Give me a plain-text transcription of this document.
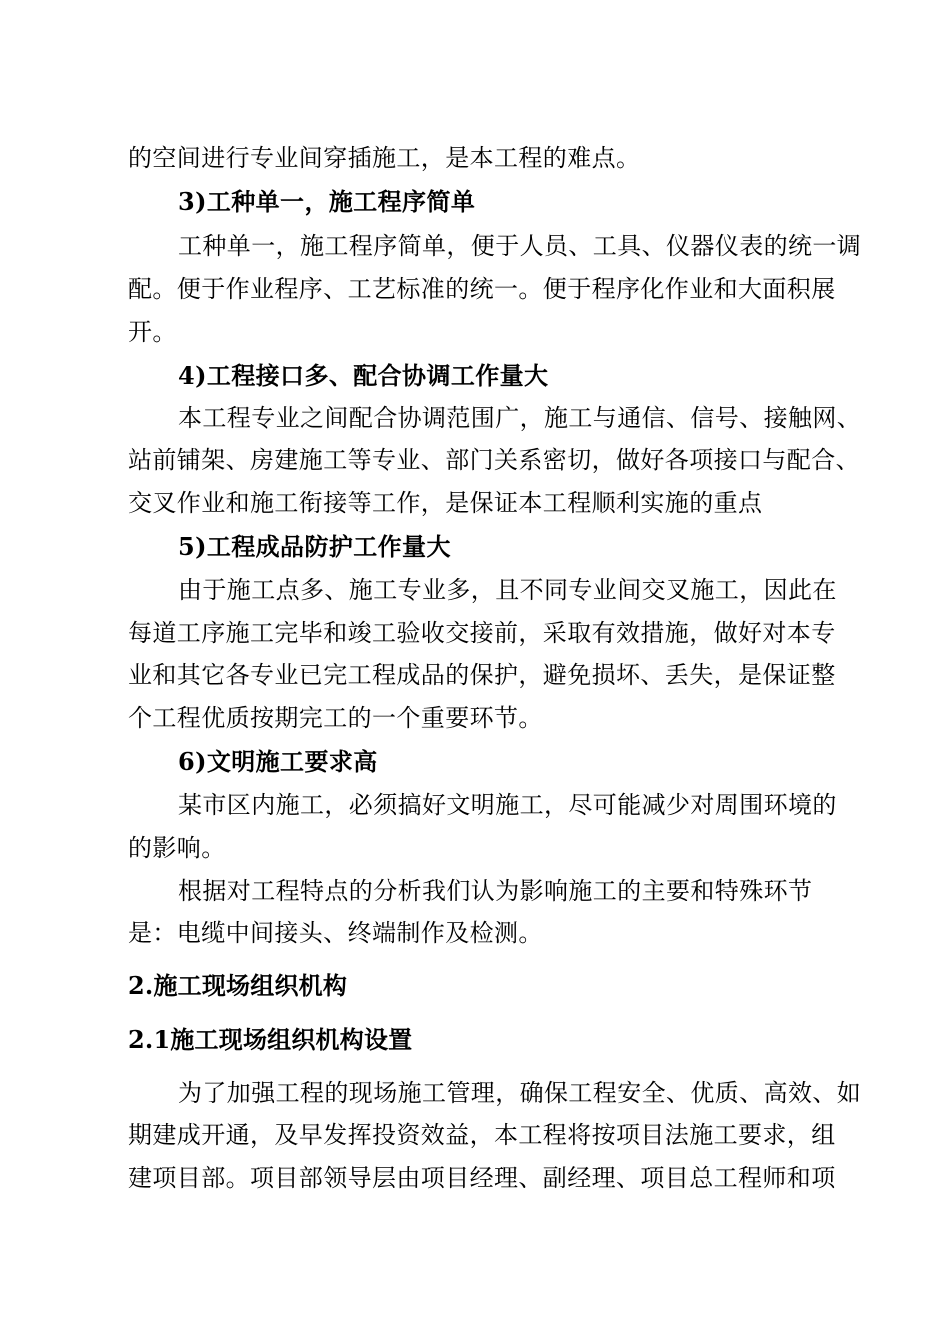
的空间进行专业间穿插施工，是本工程的难点。
3)工种单一，施工程序简单
工种单一，施工程序简单，便于人员、工具、仪器仪表的统一调
配。便于作业程序、工艺标准的统一。便于程序化作业和大面积展
开。
4)工程接口多、配合协调工作量大
本工程专业之间配合协调范围广，施工与通信、信号、接触网、
站前铺架、房建施工等专业、部门关系密切，做好各项接口与配合、
交叉作业和施工衔接等工作，是保证本工程顺利实施的重点
5)工程成品防护工作量大
由于施工点多、施工专业多，且不同专业间交叉施工，因此在
每道工序施工完毕和竣工验收交接前，采取有效措施，做好对本专
业和其它各专业已完工程成品的保护，避免损坏、丢失，是保证整
个工程优质按期完工的一个重要环节。
6)文明施工要求高
某市区内施工，必须搞好文明施工，尽可能减少对周围环境的
的影响。
根据对工程特点的分析我们认为影响施工的主要和特殊环节
是：电缆中间接头、终端制作及检测。
2.施工现场组织机构
2.1施工现场组织机构设置
为了加强工程的现场施工管理，确保工程安全、优质、高效、如
期建成开通，及早发挥投资效益，本工程将按项目法施工要求，组
建项目部。项目部领导层由项目经理、副经理、项目总工程师和项
